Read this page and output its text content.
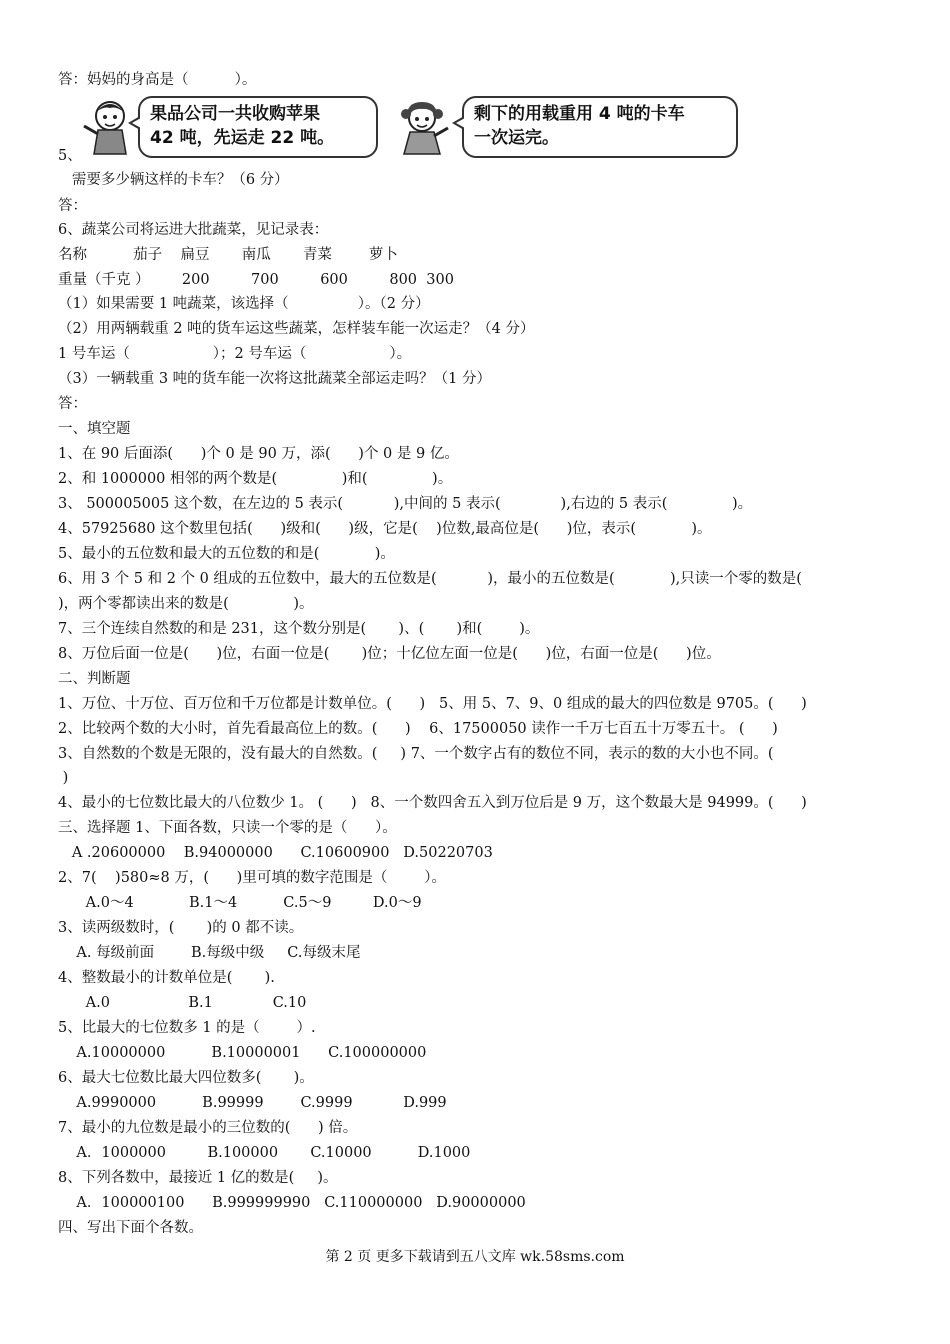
答：妈妈的身高是（          ）。
5、
需要多少辆这样的卡车？（6 分）
答：
6、蔬菜公司将运进大批蔬菜，见记录表：
名称          茄子    扁豆       南瓜       青菜        萝卜
重量（千克 ）       200         700         600         800  300
（1）如果需要 1 吨蔬菜，该选择（               ）。（2 分）
（2）用两辆载重 2 吨的货车运这些蔬菜，怎样装车能一次运走？（4 分）
1 号车运（                  ）；2 号车运（                  ）。
（3）一辆载重 3 吨的货车能一次将这批蔬菜全部运走吗？（1 分）
答：
一、填空题
1、在 90 后面添(      )个 0 是 90 万，添(      )个 0 是 9 亿。
2、和 1000000 相邻的两个数是(              )和(              )。
3、 500005005 这个数，在左边的 5 表示(           ),中间的 5 表示(             ),右边的 5 表示(              )。
4、57925680 这个数里包括(      )级和(      )级，它是(    )位数,最高位是(      )位，表示(            )。
5、最小的五位数和最大的五位数的和是(            )。
6、用 3 个 5 和 2 个 0 组成的五位数中，最大的五位数是(           )，最小的五位数是(            ),只读一个零的数是(
)，两个零都读出来的数是(              )。
7、三个连续自然数的和是 231，这个数分别是(       )、(       )和(        )。
8、万位后面一位是(      )位，右面一位是(       )位；十亿位左面一位是(      )位，右面一位是(      )位。
二、判断题
1、万位、十万位、百万位和千万位都是计数单位。(      )   5、用 5、7、9、0 组成的最大的四位数是 9705。(      )
2、比较两个数的大小时，首先看最高位上的数。(      )    6、17500050 读作一千万七百五十万零五十。 (      )
3、自然数的个数是无限的，没有最大的自然数。(     ) 7、一个数字占有的数位不同，表示的数的大小也不同。(
)
4、最小的七位数比最大的八位数少 1。 (      )   8、一个数四舍五入到万位后是 9 万，这个数最大是 94999。(      )
三、选择题 1、下面各数，只读一个零的是（      ）。
A .20600000    B.94000000      C.10600900   D.50220703
2、7(    )580≈8 万，(      )里可填的数字范围是（        ）。
A.0～4            B.1～4          C.5～9         D.0～9
3、读两级数时，(       )的 0 都不读。
A. 每级前面        B.每级中级     C.每级末尾
4、整数最小的计数单位是(       ).
A.0                 B.1             C.10
5、比最大的七位数多 1 的是（        ）.
A.10000000          B.10000001      C.100000000
6、最大七位数比最大四位数多(       )。
A.9990000          B.99999        C.9999           D.999
7、最小的九位数是最小的三位数的(      ) 倍。
A．1000000         B.100000       C.10000          D.1000
8、下列各数中，最接近 1 亿的数是(     )。
A．100000100      B.999999990   C.110000000   D.90000000
四、写出下面个各数。
果品公司一共收购苹果
42 吨，先运走 22 吨。
剩下的用载重用 4 吨的卡车
一次运完。
第 2 页 更多下载请到五八文库 wk.58sms.com
